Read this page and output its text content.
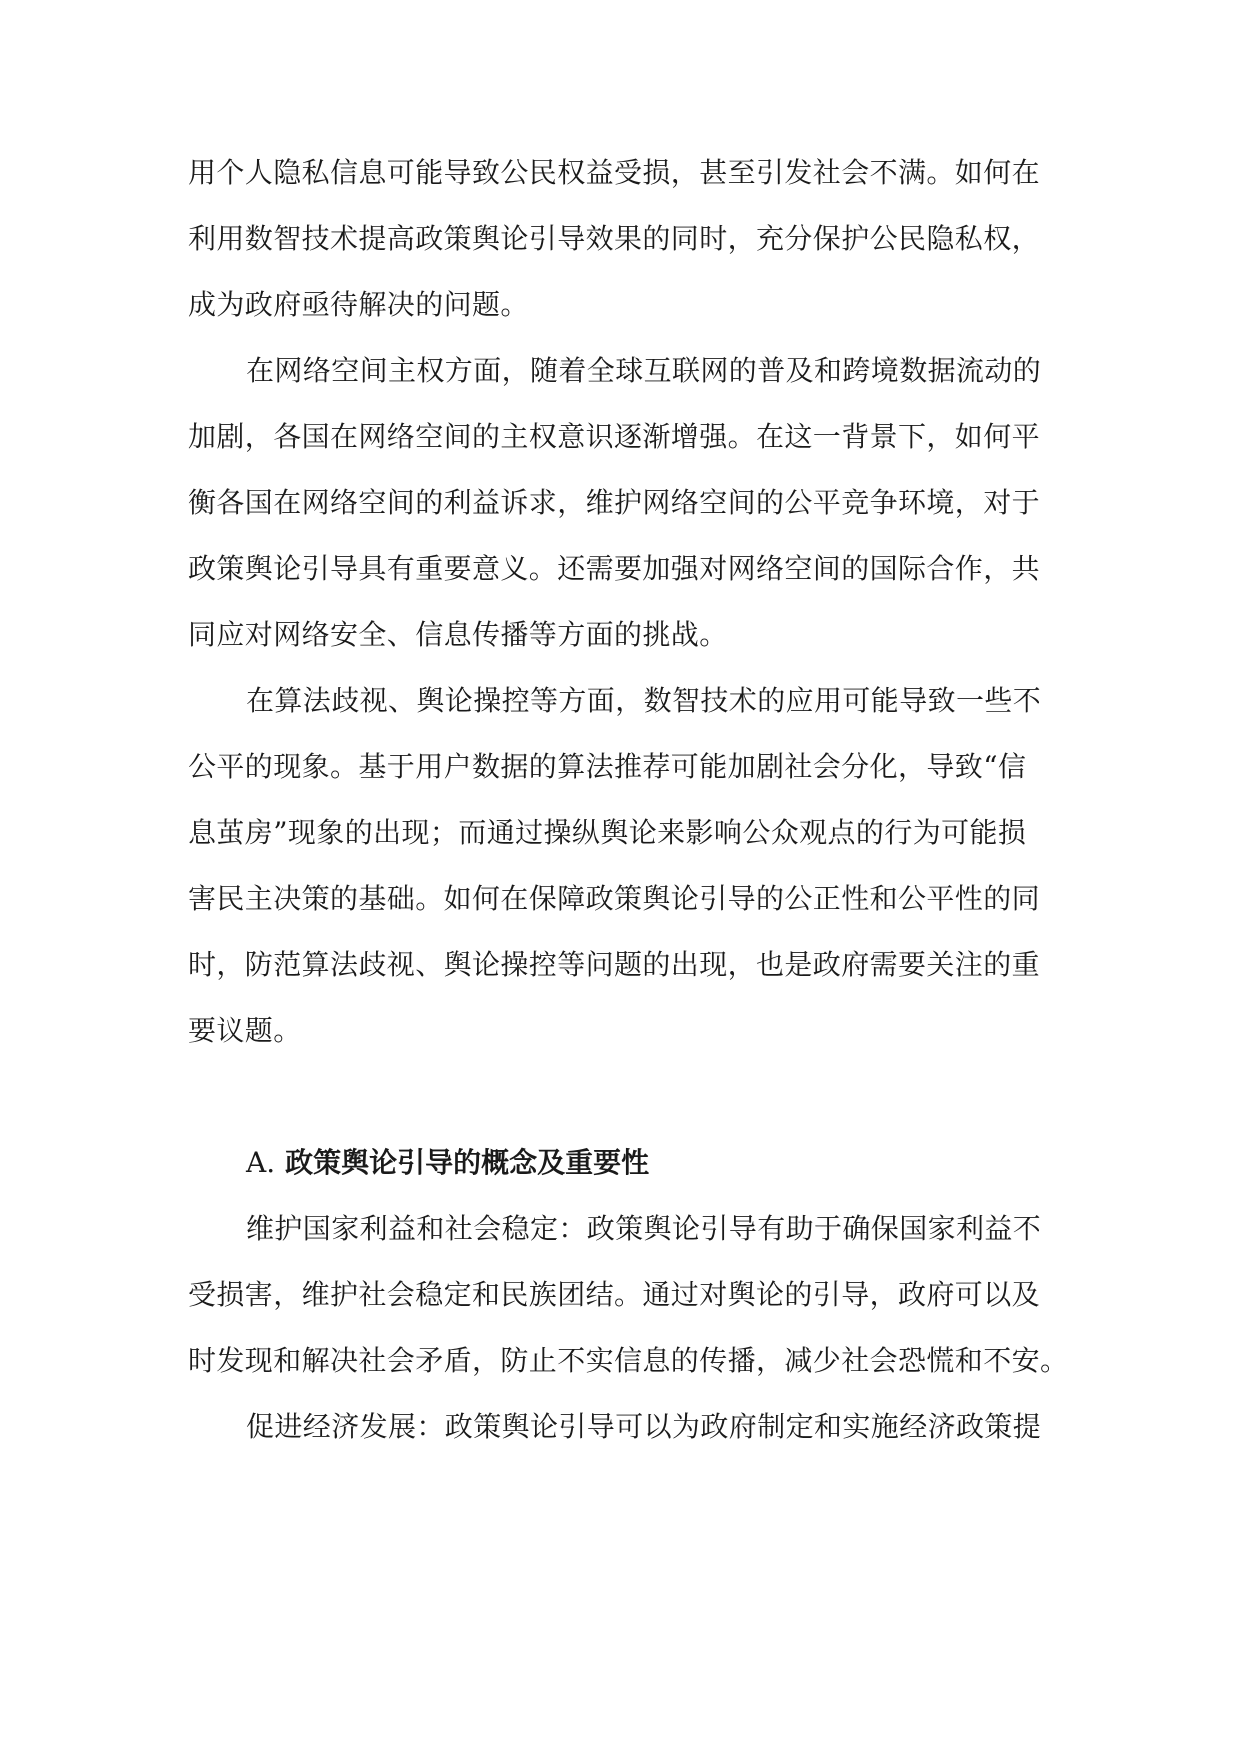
用个人隐私信息可能导致公民权益受损，甚至引发社会不满。如何在
利用数智技术提高政策舆论引导效果的同时，充分保护公民隐私权，
成为政府亟待解决的问题。
在网络空间主权方面，随着全球互联网的普及和跨境数据流动的
加剧，各国在网络空间的主权意识逐渐增强。在这一背景下，如何平
衡各国在网络空间的利益诉求，维护网络空间的公平竞争环境，对于
政策舆论引导具有重要意义。还需要加强对网络空间的国际合作，共
同应对网络安全、信息传播等方面的挑战。
在算法歧视、舆论操控等方面，数智技术的应用可能导致一些不
公平的现象。基于用户数据的算法推荐可能加剧社会分化，导致“信
息茧房”现象的出现；而通过操纵舆论来影响公众观点的行为可能损
害民主决策的基础。如何在保障政策舆论引导的公正性和公平性的同
时，防范算法歧视、舆论操控等问题的出现，也是政府需要关注的重
要议题。
A. 政策舆论引导的概念及重要性
维护国家利益和社会稳定：政策舆论引导有助于确保国家利益不
受损害，维护社会稳定和民族团结。通过对舆论的引导，政府可以及
时发现和解决社会矛盾，防止不实信息的传播，减少社会恐慌和不安。
促进经济发展：政策舆论引导可以为政府制定和实施经济政策提
